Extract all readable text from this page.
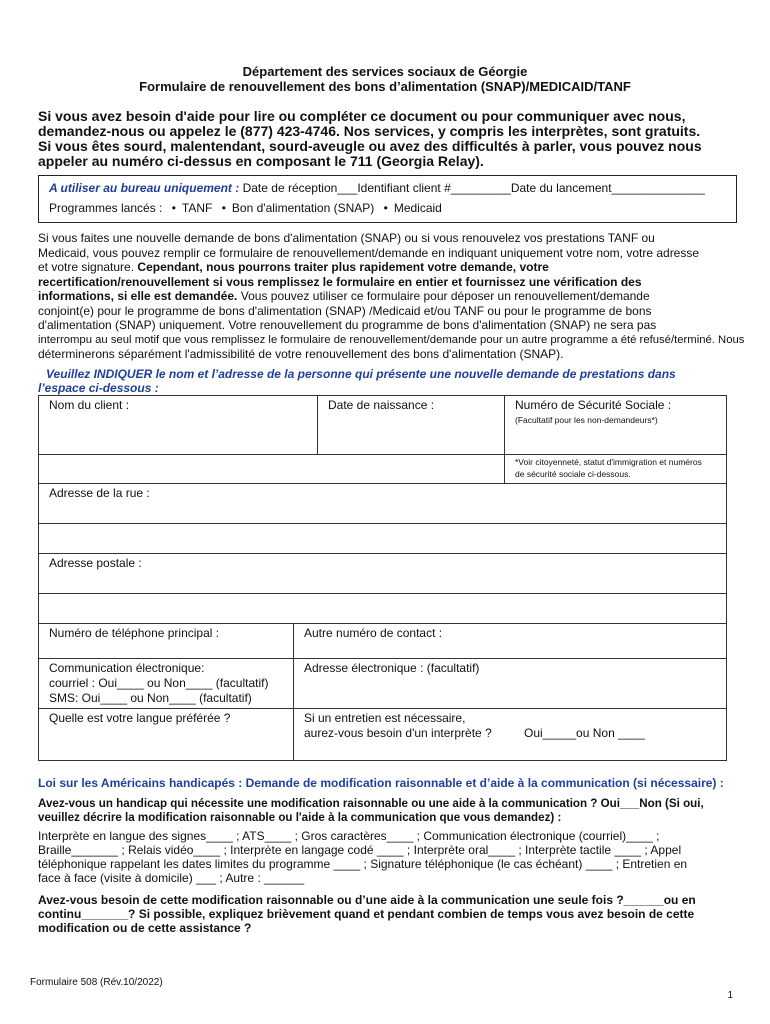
Département des services sociaux de Géorgie
Formulaire de renouvellement des bons d’alimentation (SNAP)/MEDICAID/TANF
Si vous avez besoin d'aide pour lire ou compléter ce document ou pour communiquer avec nous,
demandez-nous ou appelez le (877) 423-4746. Nos services, y compris les interprètes, sont gratuits.
Si vous êtes sourd, malentendant, sourd-aveugle ou avez des difficultés à parler, vous pouvez nous
appeler au numéro ci-dessus en composant le 711 (Georgia Relay).
A utiliser au bureau uniquement : Date de réception___Identifiant client #_________Date du lancement______________
Programmes lancés : • TANF • Bon d'alimentation (SNAP) • Medicaid
Si vous faites une nouvelle demande de bons d'alimentation (SNAP) ou si vous renouvelez vos prestations TANF ou
Medicaid, vous pouvez remplir ce formulaire de renouvellement/demande en indiquant uniquement votre nom, votre adresse
et votre signature. Cependant, nous pourrons traiter plus rapidement votre demande, votre
recertification/renouvellement si vous remplissez le formulaire en entier et fournissez une vérification des
informations, si elle est demandée. Vous pouvez utiliser ce formulaire pour déposer un renouvellement/demande
conjoint(e) pour le programme de bons d'alimentation (SNAP) /Medicaid et/ou TANF ou pour le programme de bons
d'alimentation (SNAP) uniquement. Votre renouvellement du programme de bons d'alimentation (SNAP) ne sera pas
interrompu au seul motif que vous remplissez le formulaire de renouvellement/demande pour un autre programme a été refusé/terminé. Nous
déterminerons séparément l'admissibilité de votre renouvellement des bons d'alimentation (SNAP).
Veuillez INDIQUER le nom et l’adresse de la personne qui présente une nouvelle demande de prestations dans
l’espace ci-dessous :
Nom du client :	Date de naissance :	Numéro de Sécurité Sociale :
(Facultatif pour les non-demandeurs*)
*Voir citoyenneté, statut d'immigration et numéros
de sécurité sociale ci-dessous.
Adresse de la rue :
Adresse postale :
Numéro de téléphone principal :	Autre numéro de contact :
Communication électronique:
courriel : Oui____ ou Non____ (facultatif)
SMS: Oui____ ou Non____ (facultatif)
Adresse électronique : (facultatif)
Quelle est votre langue préférée ?	Si un entretien est nécessaire,
aurez-vous besoin d'un interprète ?	Oui_____ou Non ____
Loi sur les Américains handicapés : Demande de modification raisonnable et d’aide à la communication (si nécessaire) :
Avez-vous un handicap qui nécessite une modification raisonnable ou une aide à la communication ? Oui___Non (Si oui,
veuillez décrire la modification raisonnable ou l'aide à la communication que vous demandez) :
Interprète en langue des signes____ ; ATS____ ; Gros caractères____ ; Communication électronique (courriel)____ ;
Braille_______ ; Relais vidéo____ ; Interprète en langage codé ____ ; Interprète oral____ ; Interprète tactile ____ ; Appel
téléphonique rappelant les dates limites du programme ____ ; Signature téléphonique (le cas échéant) ____ ; Entretien en
face à face (visite à domicile) ___ ; Autre : ______
Avez-vous besoin de cette modification raisonnable ou d’une aide à la communication une seule fois ?______ou en
continu_______? Si possible, expliquez brièvement quand et pendant combien de temps vous avez besoin de cette
modification ou de cette assistance ?
Formulaire 508 (Rév.10/2022)
1
